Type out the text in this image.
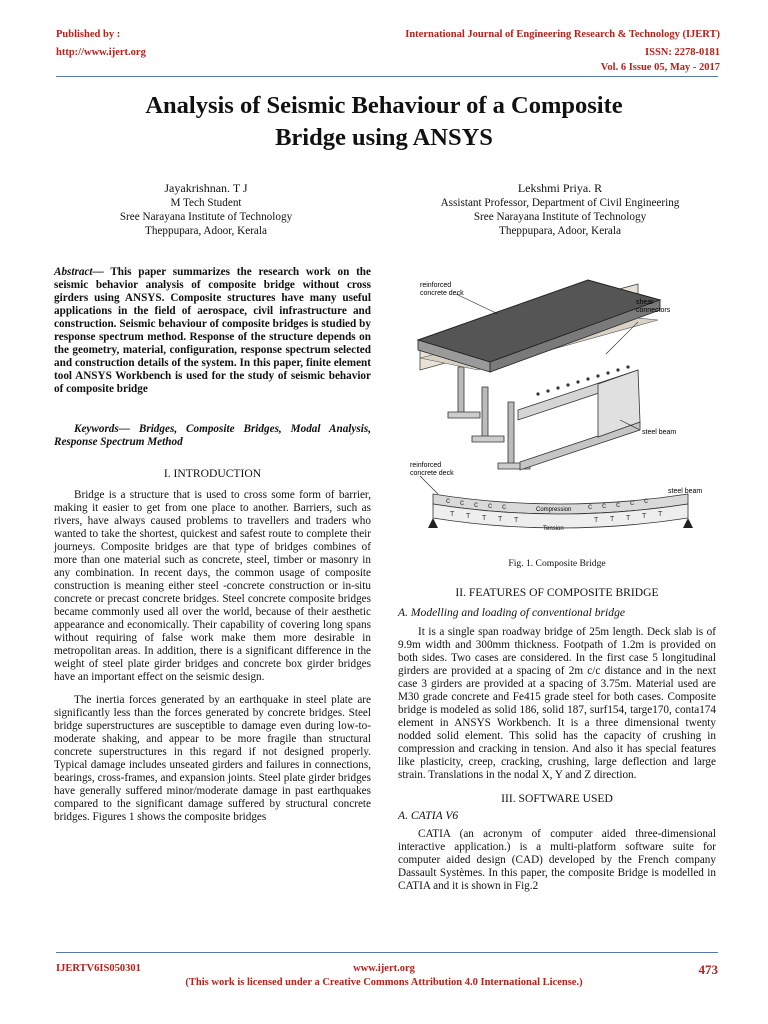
Published by :
http://www.ijert.org
International Journal of Engineering Research & Technology (IJERT)
ISSN: 2278-0181
Vol. 6 Issue 05, May - 2017
Analysis of Seismic Behaviour of a Composite
Bridge using ANSYS
Jayakrishnan. T J
M Tech Student
Sree Narayana Institute of Technology
Theppupara, Adoor, Kerala
Lekshmi Priya. R
Assistant Professor, Department of Civil Engineering
Sree Narayana Institute of Technology
Theppupara, Adoor, Kerala
Abstract— This paper summarizes the research work on the seismic behavior analysis of composite bridge without cross girders using ANSYS. Composite structures have many useful applications in the field of aerospace, civil infrastructure and construction. Seismic behaviour of composite bridges is studied by response spectrum method. Response of the structure depends on the geometry, material, configuration, response spectrum selected and construction details of the system. In this paper, finite element tool ANSYS Workbench is used for the study of seismic behavior of composite bridge
Keywords— Bridges, Composite Bridges, Modal Analysis, Response Spectrum Method
I. INTRODUCTION

Bridge is a structure that is used to cross some form of barrier, making it easier to get from one place to another. Barriers, such as rivers, have always caused problems to travellers and traders who wanted to take the shortest, quickest and safest route to complete their journeys. Composite bridges are that type of bridges combines of more than one material such as concrete, steel, timber or masonry in any combination. In recent days, the common usage of composite construction is meaning either steel -concrete construction or in-situ concrete or precast concrete bridges. Steel concrete composite bridges became commonly used all over the world, because of their aesthetic appearance and economically. Their capability of covering long spans without requiring of false work make them more desirable in metropolitan areas. In addition, there is a significant difference in the weight of steel plate girder bridges and concrete box girder bridges have an important effect on the seismic design.

The inertia forces generated by an earthquake in steel plate are significantly less than the forces generated by concrete bridges. Steel bridge superstructures are susceptible to damage even during low-to-moderate shaking, and appear to be more fragile than structural concrete superstructures in this regard if not designed properly. Typical damage includes unseated girders and failures in connections, bearings, cross-frames, and expansion joints. Steel plate girder bridges have generally suffered minor/moderate damage in past earthquakes compared to the significant damage suffered by structural concrete bridges. Figures 1 shows the composite bridges

reinforced
concrete deck
shear
connectors
steel beam
reinforced
concrete deck
steel beam
c c c c c	c c c c c
T T T T T	T T T T T
Compression
Tension
Fig. 1. Composite Bridge
II. FEATURES OF COMPOSITE BRIDGE
A. Modelling and loading of conventional bridge

It is a single span roadway bridge of 25m length. Deck slab is of 9.9m width and 300mm thickness. Footpath of 1.2m is provided on both sides. Two cases are considered. In the first case 5 longitudinal girders are provided at a spacing of 2m c/c distance and in the next case 3 girders are provided at a spacing of 3.75m. Material used are M30 grade concrete and Fe415 grade steel for both cases. Composite bridge is modeled as solid 186, solid 187, surf154, targe170, conta174 element in ANSYS Workbench. It is a three dimensional twenty nodded solid element. This solid has the capacity of crushing in compression and cracking in tension. And also it has special features like plasticity, creep, cracking, crushing, large deflection and large strain. Translations in the nodal X, Y and Z direction.

III. SOFTWARE USED
A. CATIA V6

CATIA (an acronym of computer aided three-dimensional interactive application.) is a multi-platform software suite for computer aided design (CAD) developed by the French company Dassault Systèmes. In this paper, the composite Bridge is modelled in CATIA and it is shown in Fig.2

IJERTV6IS050301	www.ijert.org
(This work is licensed under a Creative Commons Attribution 4.0 International License.)
473
